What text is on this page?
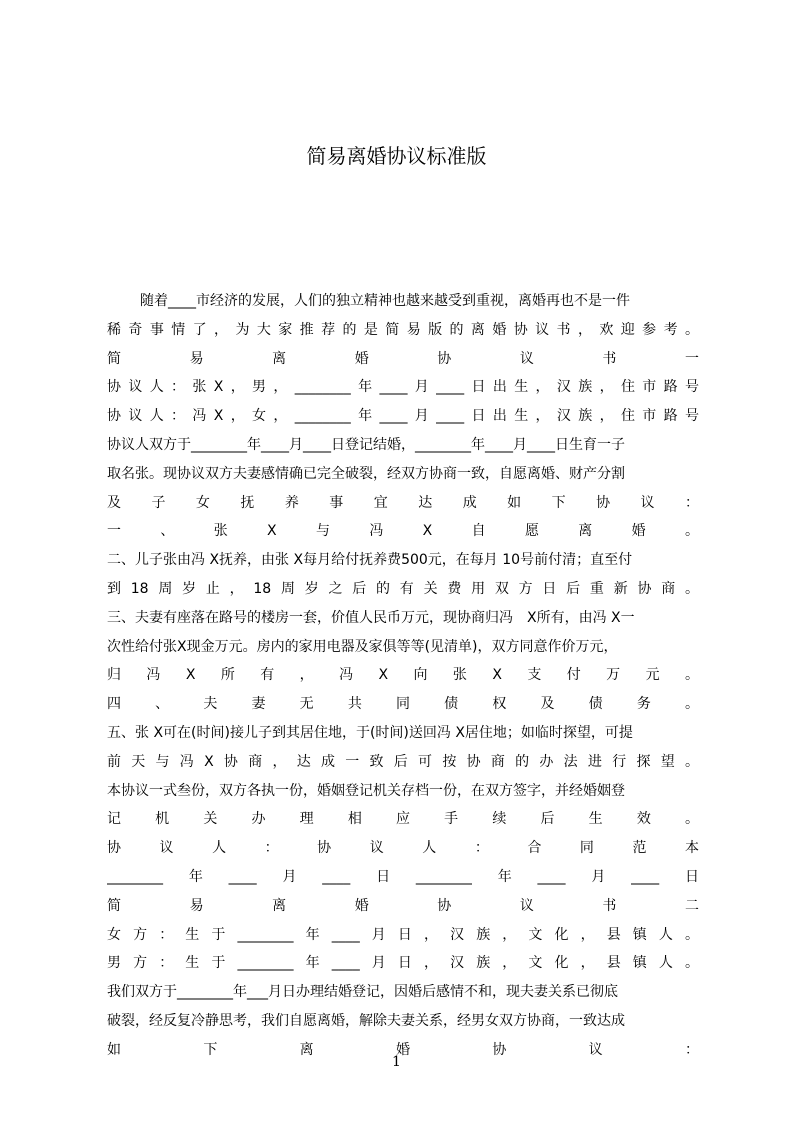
简易离婚协议标准版
随着____市经济的发展，人们的独立精神也越来越受到重视，离婚再也不是一件
稀奇事情了，为大家推荐的是简易版的离婚协议书，欢迎参考。
简易离婚协议书一
协议人：张X，男，________年____月____日出生，汉族，住市路号
协议人：冯X，女，________年____月____日出生，汉族，住市路号
协议人双方于________年____月____日登记结婚，________年____月____日生育一子
取名张。现协议双方夫妻感情确已完全破裂，经双方协商一致，自愿离婚、财产分割
及子女抚养事宜达成如下协议：
一、张X与冯X自愿离婚。
二、儿子张由冯 X抚养，由张 X每月给付抚养费500元，在每月 10号前付清；直至付
到18周岁止，18周岁之后的有关费用双方日后重新协商。
三、夫妻有座落在路号的楼房一套，价值人民币万元，现协商归冯　X所有，由冯 X一
次性给付张X现金万元。房内的家用电器及家俱等等(见清单)，双方同意作价万元，
归冯X所有，冯X向张X支付万元。
四、夫妻无共同债权及债务。
五、张 X可在(时间)接儿子到其居住地，于(时间)送回冯 X居住地；如临时探望，可提
前天与冯X协商，达成一致后可按协商的办法进行探望。
本协议一式叁份，双方各执一份，婚姻登记机关存档一份，在双方签字，并经婚姻登
记机关办理相应手续后生效。
协议人：协议人：合同范本
________年____月____日________年____月____日
简易离婚协议书二
女方：生于________年____月日，汉族，文化，县镇人。
男方：生于________年____月日，汉族，文化，县镇人。
我们双方于________年___月日办理结婚登记，因婚后感情不和，现夫妻关系已彻底
破裂，经反复冷静思考，我们自愿离婚，解除夫妻关系，经男女双方协商，一致达成
如下离婚协议：
1
